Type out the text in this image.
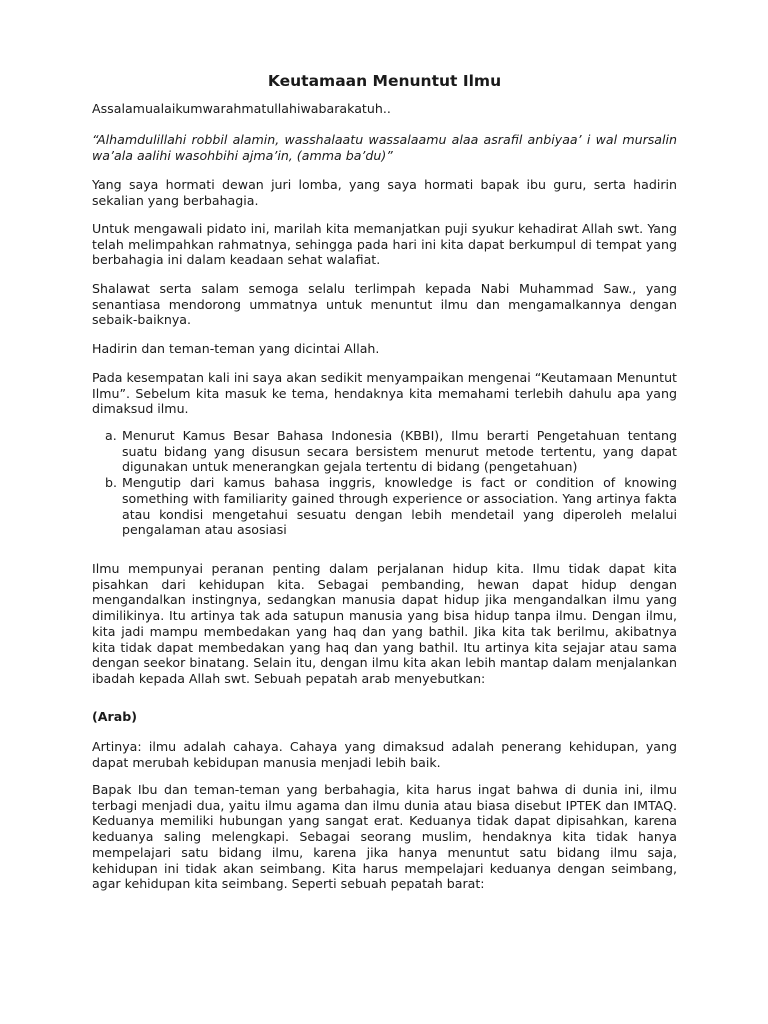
Keutamaan Menuntut Ilmu

Assalamualaikumwarahmatullahiwabarakatuh..

“Alhamdulillahi robbil alamin, wasshalaatu wassalaamu alaa asrafil anbiyaa’ i wal mursalin wa’ala aalihi wasohbihi ajma’in, (amma ba’du)”

Yang saya hormati dewan juri lomba, yang saya hormati bapak ibu guru, serta hadirin sekalian yang berbahagia.

Untuk mengawali pidato ini, marilah kita memanjatkan puji syukur kehadirat Allah swt. Yang telah melimpahkan rahmatnya, sehingga pada hari ini kita dapat berkumpul di tempat yang berbahagia ini dalam keadaan sehat walafiat.

Shalawat serta salam semoga selalu terlimpah kepada Nabi Muhammad Saw., yang senantiasa mendorong ummatnya untuk menuntut ilmu dan mengamalkannya dengan sebaik-baiknya.

Hadirin dan teman-teman yang dicintai Allah.

Pada kesempatan kali ini saya akan sedikit menyampaikan mengenai “Keutamaan Menuntut Ilmu”. Sebelum kita masuk ke tema, hendaknya kita memahami terlebih dahulu apa yang dimaksud ilmu.

a. Menurut Kamus Besar Bahasa Indonesia (KBBI), Ilmu berarti Pengetahuan tentang suatu bidang yang disusun secara bersistem menurut metode tertentu, yang dapat digunakan untuk menerangkan gejala tertentu di bidang (pengetahuan)
b. Mengutip dari kamus bahasa inggris, knowledge is fact or condition of knowing something with familiarity gained through experience or association. Yang artinya fakta atau kondisi mengetahui sesuatu dengan lebih mendetail yang diperoleh melalui pengalaman atau asosiasi

Ilmu mempunyai peranan penting dalam perjalanan hidup kita. Ilmu tidak dapat kita pisahkan dari kehidupan kita. Sebagai pembanding, hewan dapat hidup dengan mengandalkan instingnya, sedangkan manusia dapat hidup jika mengandalkan ilmu yang dimilikinya. Itu artinya tak ada satupun manusia yang bisa hidup tanpa ilmu. Dengan ilmu, kita jadi mampu membedakan yang haq dan yang bathil. Jika kita tak berilmu, akibatnya kita tidak dapat membedakan yang haq dan yang bathil. Itu artinya kita sejajar atau sama dengan seekor binatang. Selain itu, dengan ilmu kita akan lebih mantap dalam menjalankan ibadah kepada Allah swt. Sebuah pepatah arab menyebutkan:

(Arab)

Artinya: ilmu adalah cahaya. Cahaya yang dimaksud adalah penerang kehidupan, yang dapat merubah kebidupan manusia menjadi lebih baik.

Bapak Ibu dan teman-teman yang berbahagia, kita harus ingat bahwa di dunia ini, ilmu terbagi menjadi dua, yaitu ilmu agama dan ilmu dunia atau biasa disebut IPTEK dan IMTAQ. Keduanya memiliki hubungan yang sangat erat. Keduanya tidak dapat dipisahkan, karena keduanya saling melengkapi. Sebagai seorang muslim, hendaknya kita tidak hanya mempelajari satu bidang ilmu, karena jika hanya menuntut satu bidang ilmu saja, kehidupan ini tidak akan seimbang. Kita harus mempelajari keduanya dengan seimbang, agar kehidupan kita seimbang. Seperti sebuah pepatah barat:
